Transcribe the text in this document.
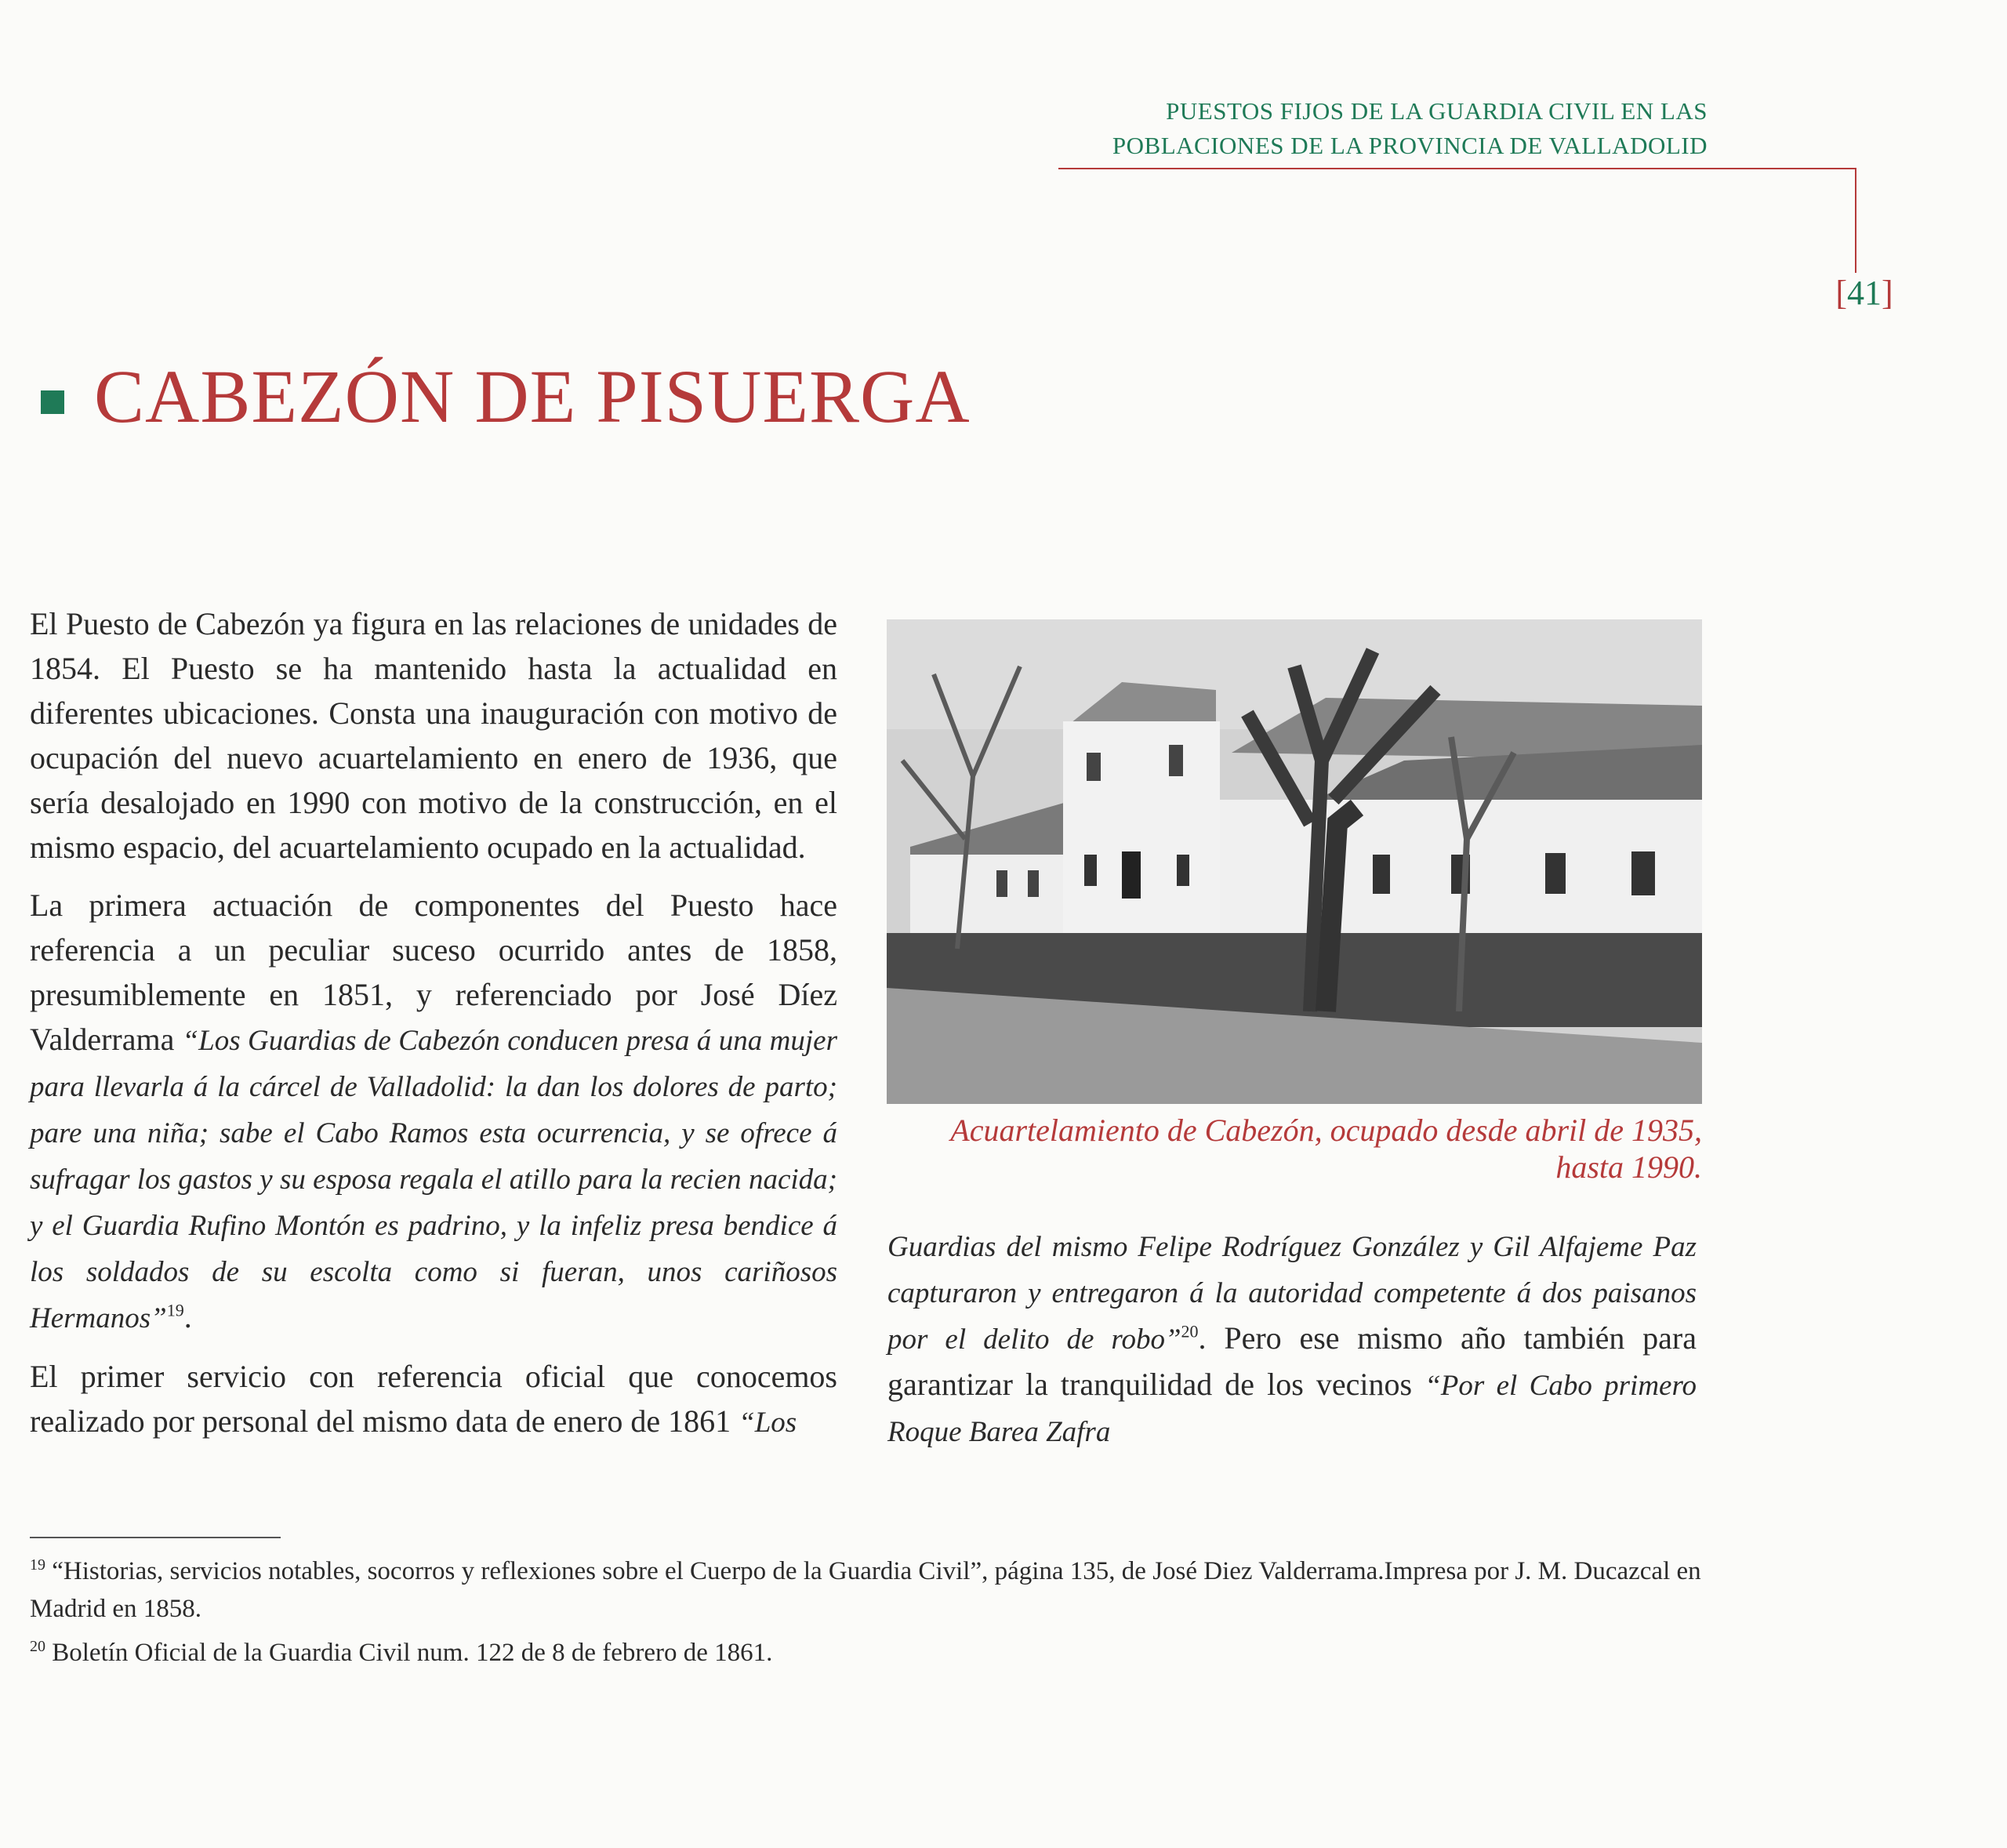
PUESTOS FIJOS DE LA GUARDIA CIVIL EN LAS
POBLACIONES DE LA PROVINCIA DE VALLADOLID
[41]
CABEZÓN DE PISUERGA

El Puesto de Cabezón ya figura en las relaciones de unidades de 1854. El Puesto se ha mantenido hasta la actualidad en diferentes ubicaciones. Consta una inauguración con motivo de ocupación del nuevo acuartelamiento en enero de 1936, que sería desalojado en 1990 con motivo de la construcción, en el mismo espacio, del acuartelamiento ocupado en la actualidad.

La primera actuación de componentes del Puesto hace referencia a un peculiar suceso ocurrido antes de 1858, presumiblemente en 1851, y referenciado por José Díez Valderrama “Los Guardias de Cabezón conducen presa á una mujer para llevarla á la cárcel de Valladolid: la dan los dolores de parto; pare una niña; sabe el Cabo Ramos esta ocurrencia, y se ofrece á sufragar los gastos y su esposa regala el atillo para la recien nacida; y el Guardia Rufino Montón es padrino, y la infeliz presa bendice á los soldados de su escolta como si fueran, unos cariñosos Hermanos”$^{19}$.

El primer servicio con referencia oficial que conocemos realizado por personal del mismo data de enero de 1861 “Los

Acuartelamiento de Cabezón, ocupado desde abril de 1935, hasta 1990.

Guardias del mismo Felipe Rodríguez González y Gil Alfajeme Paz capturaron y entregaron á la autoridad competente á dos paisanos por el delito de robo”$^{20}$. Pero ese mismo año también para garantizar la tranquilidad de los vecinos “Por el Cabo primero Roque Barea Zafra

$^{19}$ “Historias, servicios notables, socorros y reflexiones sobre el Cuerpo de la Guardia Civil”, página 135, de José Diez Valderrama.Impresa por J. M. Ducazcal en Madrid en 1858.

$^{20}$ Boletín Oficial de la Guardia Civil num. 122 de 8 de febrero de 1861.
